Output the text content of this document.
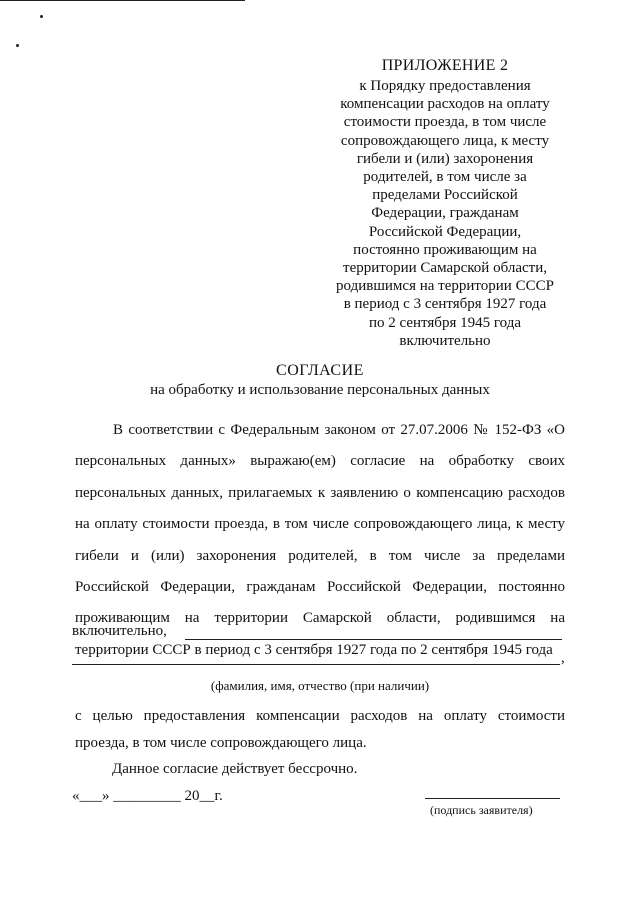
ПРИЛОЖЕНИЕ 2
к Порядку предоставления
компенсации расходов на оплату
стоимости проезда, в том числе
сопровождающего лица, к месту
гибели и (или) захоронения
родителей, в том числе за
пределами Российской
Федерации, гражданам
Российской Федерации,
постоянно проживающим на
территории Самарской области,
родившимся на территории СССР
в период с 3 сентября 1927 года
по 2 сентября 1945 года
включительно
СОГЛАСИЕ
на обработку и использование персональных данных

В соответствии с Федеральным законом от 27.07.2006 № 152-ФЗ «О персональных данных» выражаю(ем) согласие на обработку своих персональных данных, прилагаемых к заявлению о компенсацию расходов на оплату стоимости проезда, в том числе сопровождающего лица, к месту гибели и (или) захоронения родителей, в том числе за пределами Российской Федерации, гражданам Российской Федерации, постоянно проживающим на территории Самарской области, родившимся на территории СССР в период с 3 сентября 1927 года по 2 сентября 1945 года

включительно,
,
(фамилия, имя, отчество (при наличии)

с целью предоставления компенсации расходов на оплату стоимости проезда, в том числе сопровождающего лица.

Данное согласие действует бессрочно.
«___» _________ 20__г.
(подпись заявителя)
